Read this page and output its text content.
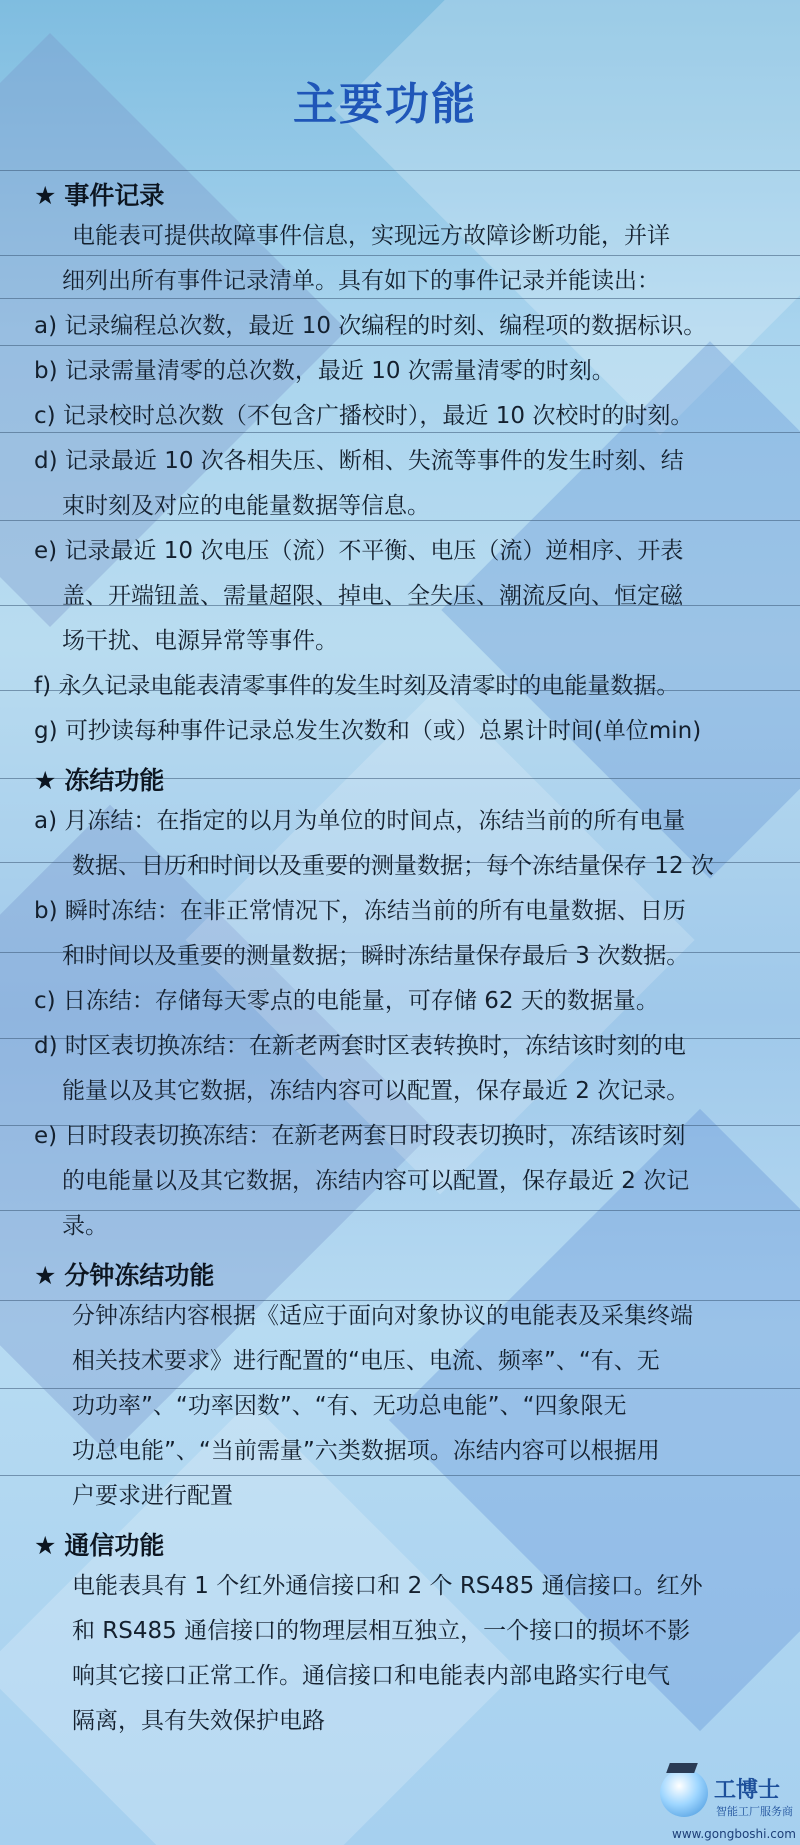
主要功能
★ 事件记录
电能表可提供故障事件信息，实现远方故障诊断功能，并详
细列出所有事件记录清单。具有如下的事件记录并能读出：
a) 记录编程总次数，最近 10 次编程的时刻、编程项的数据标识。
b) 记录需量清零的总次数，最近 10 次需量清零的时刻。
c) 记录校时总次数（不包含广播校时），最近 10 次校时的时刻。
d) 记录最近 10 次各相失压、断相、失流等事件的发生时刻、结
束时刻及对应的电能量数据等信息。
e) 记录最近 10 次电压（流）不平衡、电压（流）逆相序、开表
盖、开端钮盖、需量超限、掉电、全失压、潮流反向、恒定磁
场干扰、电源异常等事件。
f) 永久记录电能表清零事件的发生时刻及清零时的电能量数据。
g) 可抄读每种事件记录总发生次数和（或）总累计时间(单位min)
★ 冻结功能
a) 月冻结：在指定的以月为单位的时间点，冻结当前的所有电量
数据、日历和时间以及重要的测量数据；每个冻结量保存 12 次
b) 瞬时冻结：在非正常情况下，冻结当前的所有电量数据、日历
和时间以及重要的测量数据；瞬时冻结量保存最后 3 次数据。
c) 日冻结：存储每天零点的电能量，可存储 62 天的数据量。
d) 时区表切换冻结：在新老两套时区表转换时，冻结该时刻的电
能量以及其它数据，冻结内容可以配置，保存最近 2 次记录。
e) 日时段表切换冻结：在新老两套日时段表切换时，冻结该时刻
的电能量以及其它数据，冻结内容可以配置，保存最近 2 次记
录。
★ 分钟冻结功能
分钟冻结内容根据《适应于面向对象协议的电能表及采集终端
相关技术要求》进行配置的“电压、电流、频率”、“有、无
功功率”、“功率因数”、“有、无功总电能”、“四象限无
功总电能”、“当前需量”六类数据项。冻结内容可以根据用
户要求进行配置
★ 通信功能
电能表具有 1 个红外通信接口和 2 个 RS485 通信接口。红外
和 RS485 通信接口的物理层相互独立，一个接口的损坏不影
响其它接口正常工作。通信接口和电能表内部电路实行电气
隔离，具有失效保护电路
工博士
智能工厂服务商
www.gongboshi.com
